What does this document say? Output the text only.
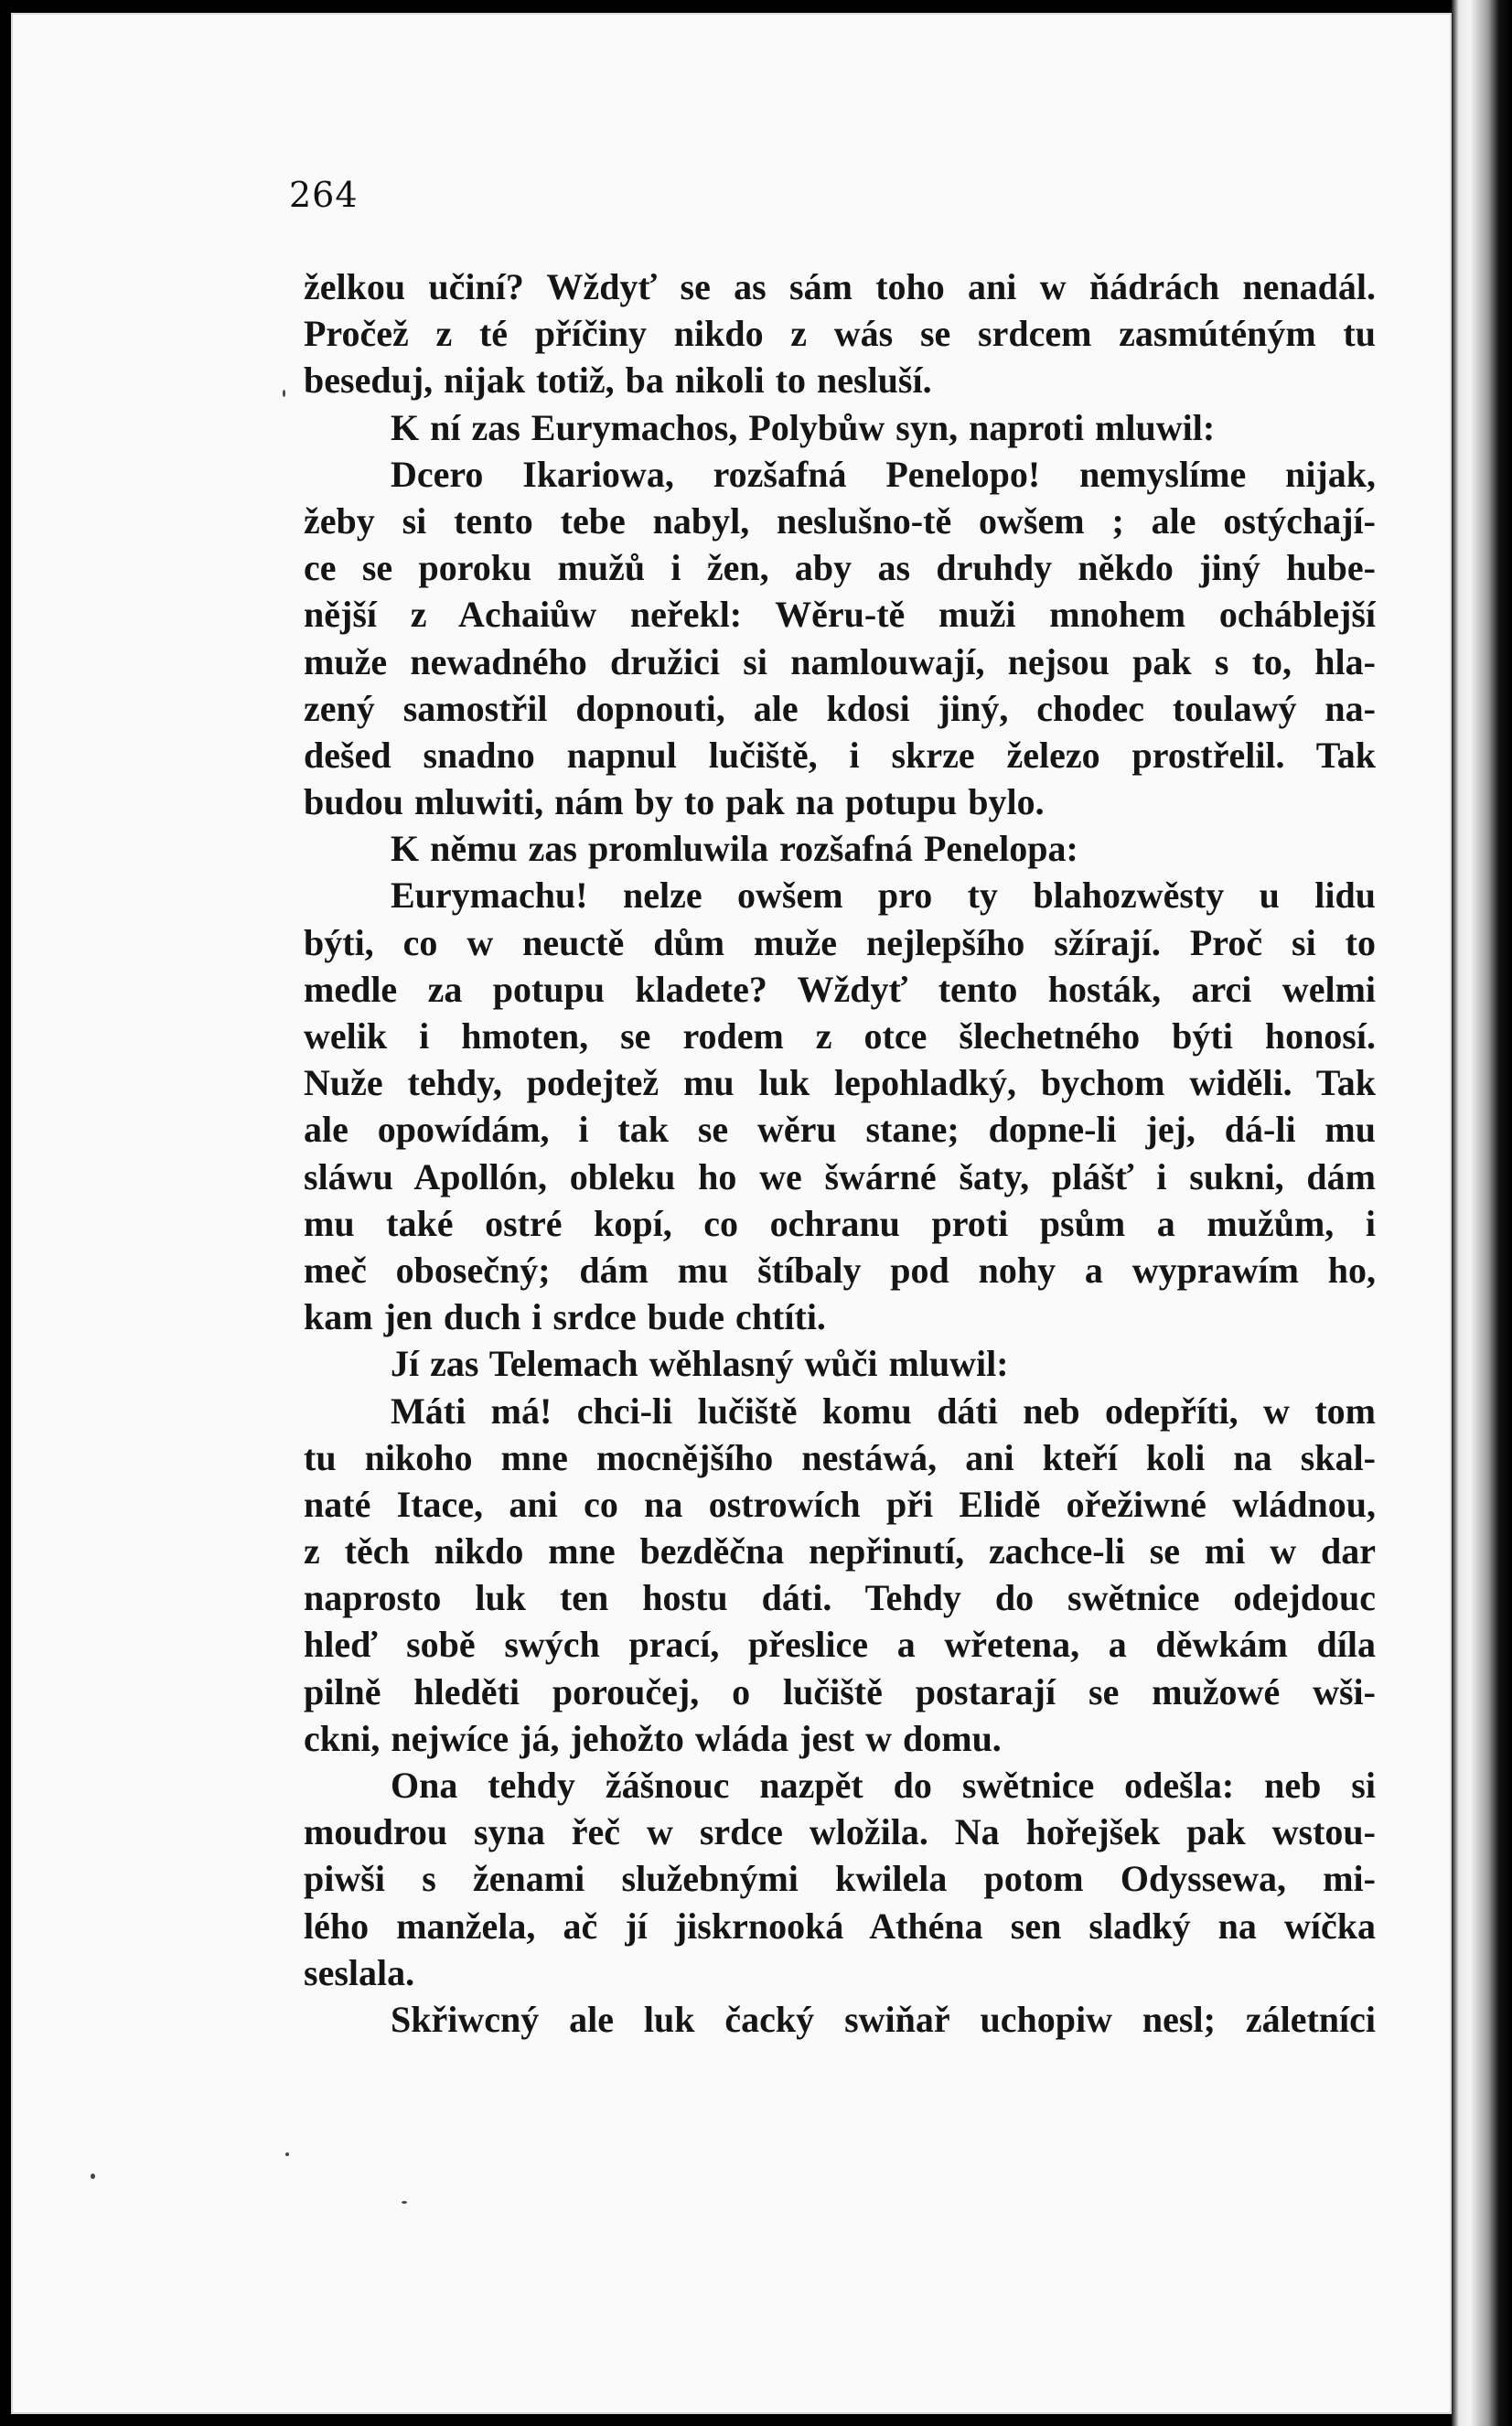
264
želkou učiní? Wždyť se as sám toho ani w ňádrách nenadál.
Pročež z té příčiny nikdo z wás se srdcem zasmúténým tu
beseduj, nijak totiž, ba nikoli to nesluší.
K ní zas Eurymachos, Polybůw syn, naproti mluwil:
Dcero Ikariowa, rozšafná Penelopo! nemyslíme nijak,
žeby si tento tebe nabyl, neslušno-tě owšem ; ale ostýchají-
ce se poroku mužů i žen, aby as druhdy někdo jiný hube-
nější z Achaiůw neřekl: Wěru-tě muži mnohem ocháblejší
muže newadného družici si namlouwají, nejsou pak s to, hla-
zený samostřil dopnouti, ale kdosi jiný, chodec toulawý na-
dešed snadno napnul lučiště, i skrze železo prostřelil. Tak
budou mluwiti, nám by to pak na potupu bylo.
K němu zas promluwila rozšafná Penelopa:
Eurymachu! nelze owšem pro ty blahozwěsty u lidu
býti, co w neuctě dům muže nejlepšího sžírají. Proč si to
medle za potupu kladete? Wždyť tento hosták, arci welmi
welik i hmoten, se rodem z otce šlechetného býti honosí.
Nuže tehdy, podejtež mu luk lepohladký, bychom widěli. Tak
ale opowídám, i tak se wěru stane; dopne-li jej, dá-li mu
sláwu Apollón, obleku ho we šwárné šaty, plášť i sukni, dám
mu také ostré kopí, co ochranu proti psům a mužům, i
meč obosečný; dám mu štíbaly pod nohy a wyprawím ho,
kam jen duch i srdce bude chtíti.
Jí zas Telemach wěhlasný wůči mluwil:
Máti má! chci-li lučiště komu dáti neb odepříti, w tom
tu nikoho mne mocnějšího nestáwá, ani kteří koli na skal-
naté Itace, ani co na ostrowích při Elidě ořežiwné wládnou,
z těch nikdo mne bezděčna nepřinutí, zachce-li se mi w dar
naprosto luk ten hostu dáti. Tehdy do swětnice odejdouc
hleď sobě swých prací, přeslice a wřetena, a děwkám díla
pilně hleděti poroučej, o lučiště postarají se mužowé wši-
ckni, nejwíce já, jehožto wláda jest w domu.
Ona tehdy žášnouc nazpět do swětnice odešla: neb si
moudrou syna řeč w srdce wložila. Na hořejšek pak wstou-
piwši s ženami služebnými kwilela potom Odyssewa, mi-
lého manžela, ač jí jiskrnooká Athéna sen sladký na wíčka
seslala.
Skřiwcný ale luk čacký swiňař uchopiw nesl; záletníci
